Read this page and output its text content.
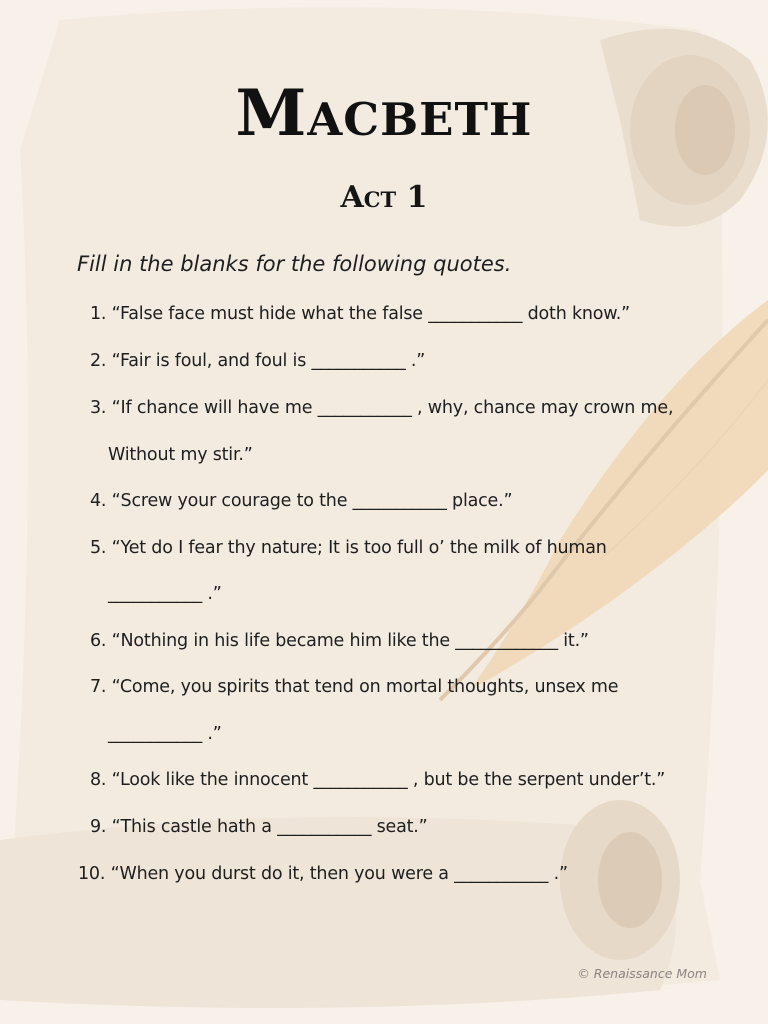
Macbeth
Act 1
Fill in the blanks for the following quotes.
1. “False face must hide what the false ___________ doth know.”
2. “Fair is foul, and foul is ___________ .”
3. “If chance will have me ___________ , why, chance may crown me,
Without my stir.”
4. “Screw your courage to the ___________ place.”
5. “Yet do I fear thy nature; It is too full o’ the milk of human
___________ .”
6. “Nothing in his life became him like the ____________ it.”
7. “Come, you spirits that tend on mortal thoughts, unsex me
___________ .”
8. “Look like the innocent ___________ , but be the serpent under’t.”
9. “This castle hath a ___________ seat.”
10. “When you durst do it, then you were a ___________ .”
© Renaissance Mom
